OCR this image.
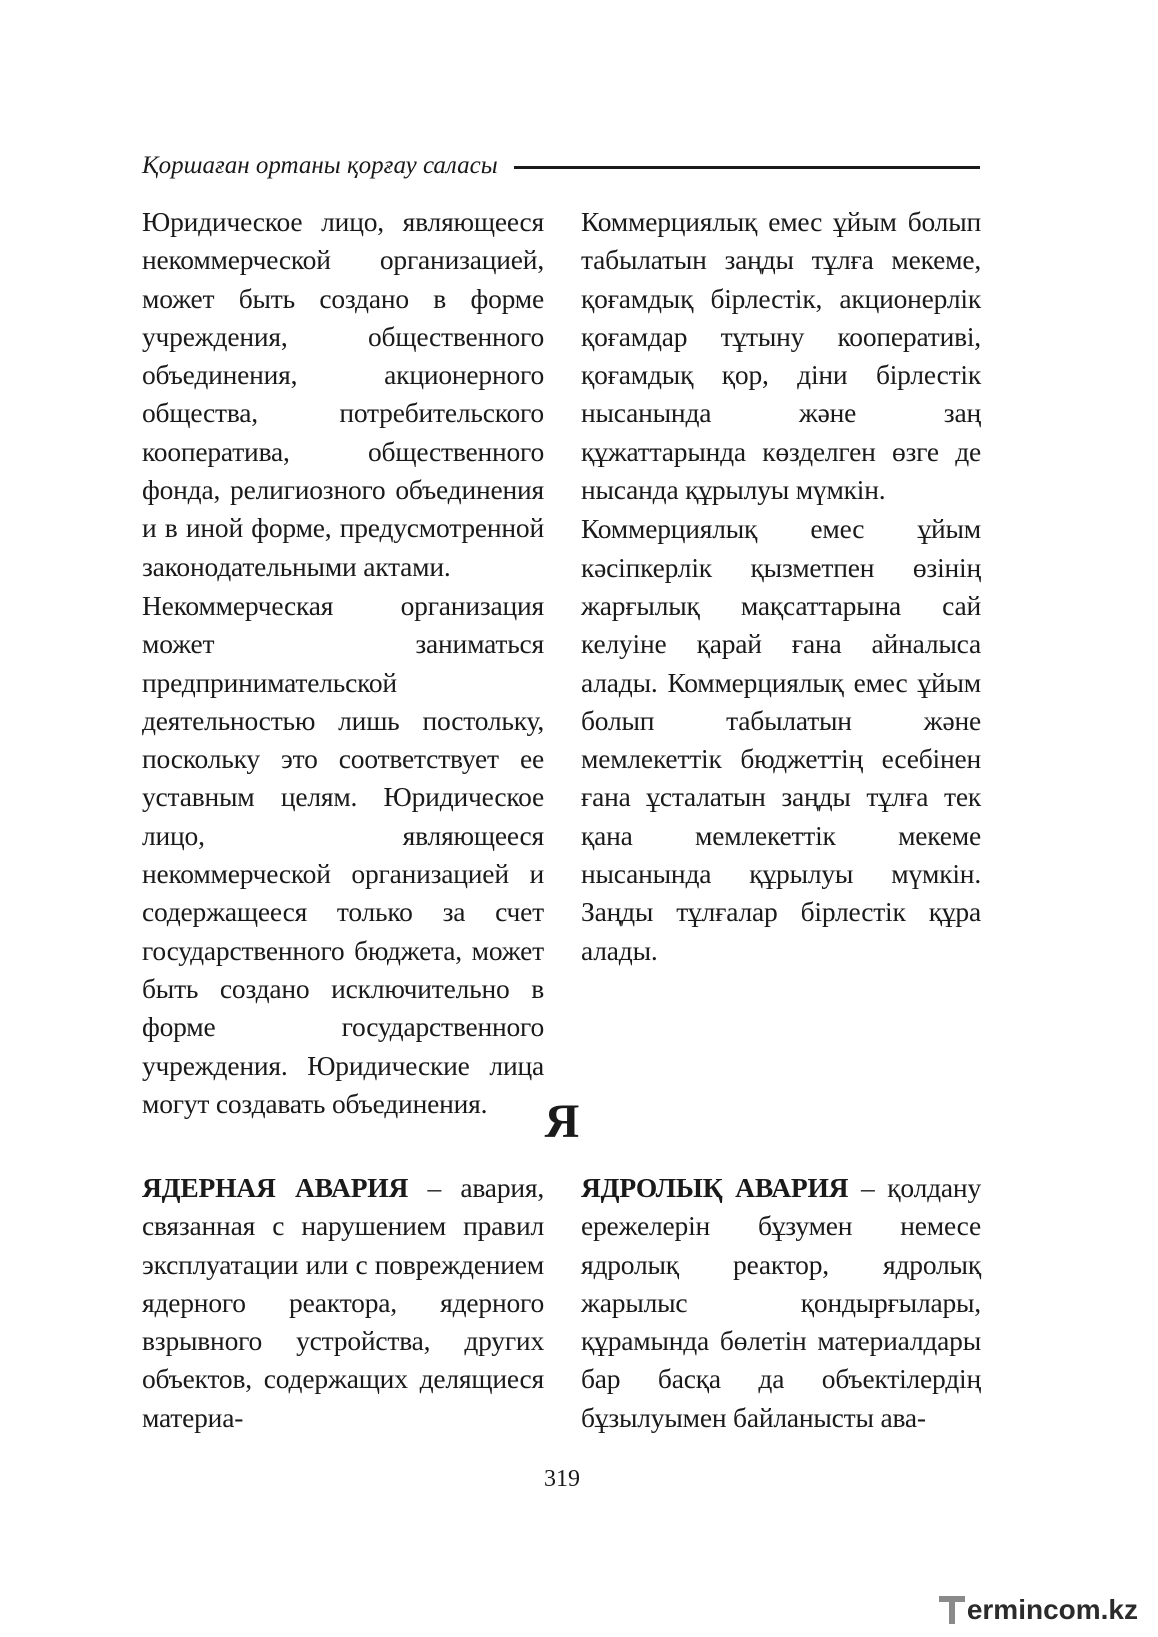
Қоршаған ортаны қорғау саласы

Юридическое лицо, являющееся некоммерческой организацией, может быть создано в форме учреждения, общественного объединения, акционерного общества, потребительского кооператива, общественного фонда, религиозного объединения и в иной форме, предусмотренной законодательными актами.

Некоммерческая организация может заниматься предпринимательской деятельностью лишь постольку, поскольку это соответствует ее уставным целям. Юридическое лицо, являющееся некоммерческой организацией и содержащееся только за счет государственного бюджета, может быть создано исключительно в форме государственного учреждения. Юридические лица могут создавать объединения.

Коммерциялық емес ұйым болып табылатын заңды тұлға мекеме, қоғамдық бірлестік, акционерлік қоғамдар тұтыну кооперативі, қоғамдық қор, діни бірлестік нысанында және заң құжаттарында көзделген өзге де нысанда құрылуы мүмкін.

Коммерциялық емес ұйым кәсіпкерлік қызметпен өзінің жарғылық мақсаттарына сай келуіне қарай ғана айналыса алады. Коммерциялық емес ұйым болып табылатын және мемлекеттік бюджеттің есебінен ғана ұсталатын заңды тұлға тек қана мемлекеттік мекеме нысанында құрылуы мүмкін. Заңды тұлғалар бірлестік құра алады.

Я

ЯДЕРНАЯ АВАРИЯ – авария, связанная с нарушением правил эксплуатации или с повреждением ядерного реактора, ядерного взрывного устройства, других объектов, содержащих делящиеся материа-

ЯДРОЛЫҚ АВАРИЯ – қолдану ережелерін бұзумен немесе ядролық реактор, ядролық жарылыс қондырғылары, құрамында бөлетін материалдары бар басқа да объектілердің бұзылуымен байланысты ава-

319
ermincom.kz
